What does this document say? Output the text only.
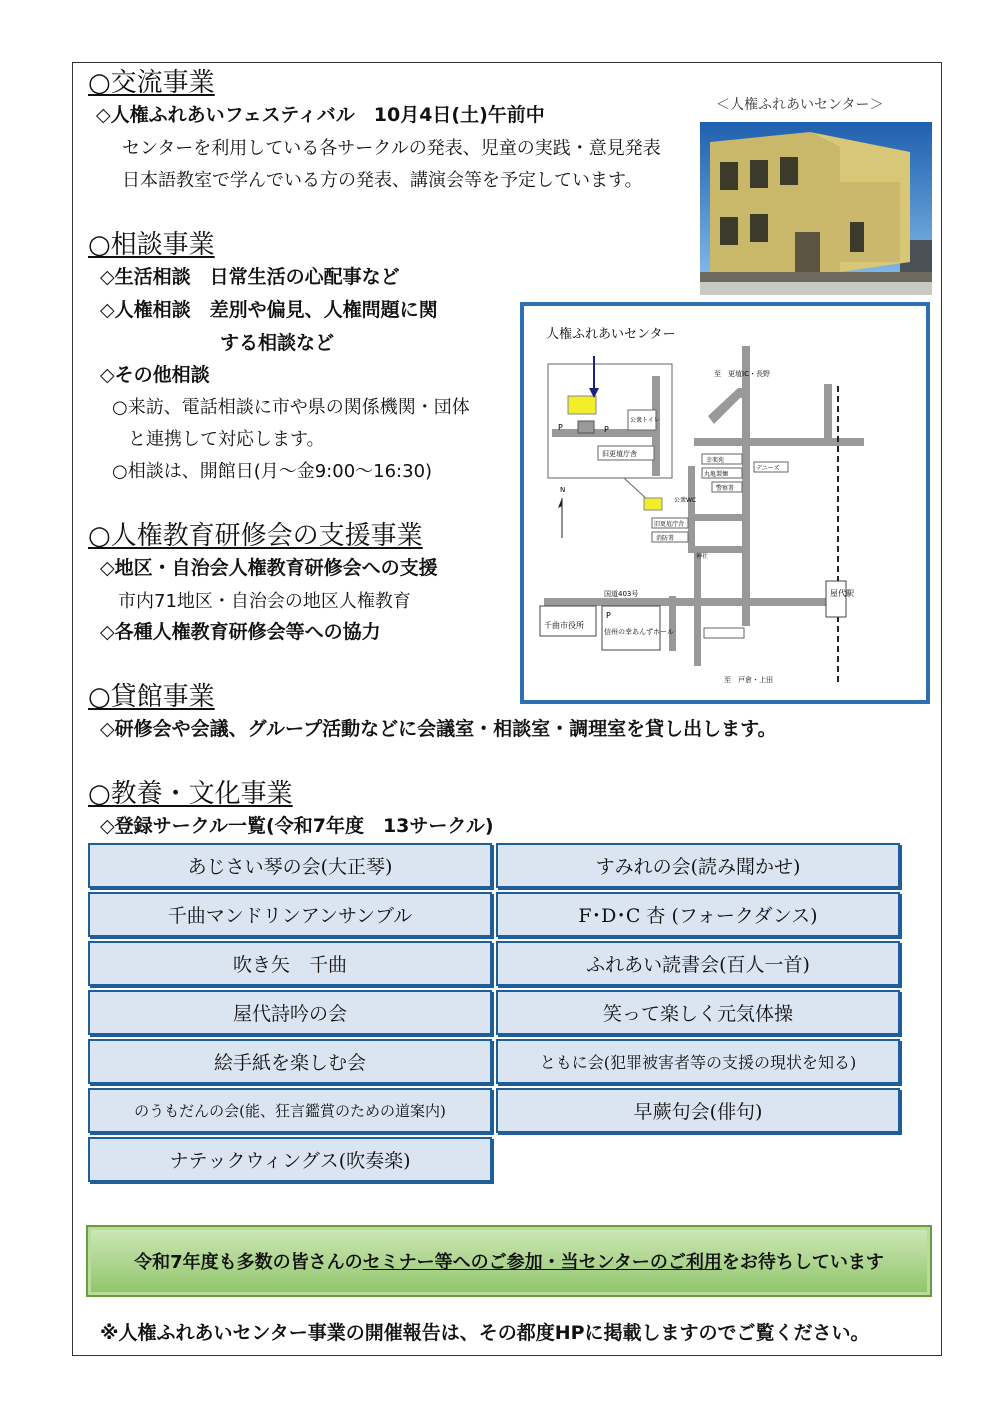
○交流事業
◇人権ふれあいフェスティバル　10月4日(土)午前中
センターを利用している各サークルの発表、児童の実践・意見発表
日本語教室で学んでいる方の発表、講演会等を予定しています。
＜人権ふれあいセンター＞
○相談事業
◇生活相談　日常生活の心配事など
◇人権相談　差別や偏見、人権問題に関
する相談など
◇その他相談
○来訪、電話相談に市や県の関係機関・団体
と連携して対応します。
○相談は、開館日(月～金9:00～16:30)
人権ふれあいセンター
P	P
公衆トイレ
旧更埴庁舎
屋代駅
公衆WC
旧更埴庁舎
消防署
神社
幸楽苑
丸亀製麺
警察署
デニーズ
至　更埴IC・長野
至　戸倉・上田
国道403号
千曲市役所
P
信州の幸あんずホール
N
○人権教育研修会の支援事業
◇地区・自治会人権教育研修会への支援
市内71地区・自治会の地区人権教育
◇各種人権教育研修会等への協力
○貸館事業
◇研修会や会議、グループ活動などに会議室・相談室・調理室を貸し出します。
○教養・文化事業
◇登録サークル一覧(令和7年度　13サークル)
あじさい琴の会(大正琴)	すみれの会(読み聞かせ)
千曲マンドリンアンサンブル	F･D･C 杏 (フォークダンス)
吹き矢　千曲	ふれあい読書会(百人一首)
屋代詩吟の会	笑って楽しく元気体操
絵手紙を楽しむ会	ともに会(犯罪被害者等の支援の現状を知る)
のうもだんの会(能、狂言鑑賞のための道案内)	早蕨句会(俳句)
ナテックウィングス(吹奏楽)
令和7年度も多数の皆さんの セミナー等へのご参加・当センターのご利用 をお待ちしています
※人権ふれあいセンター事業の開催報告は、その都度HPに掲載しますのでご覧ください。
